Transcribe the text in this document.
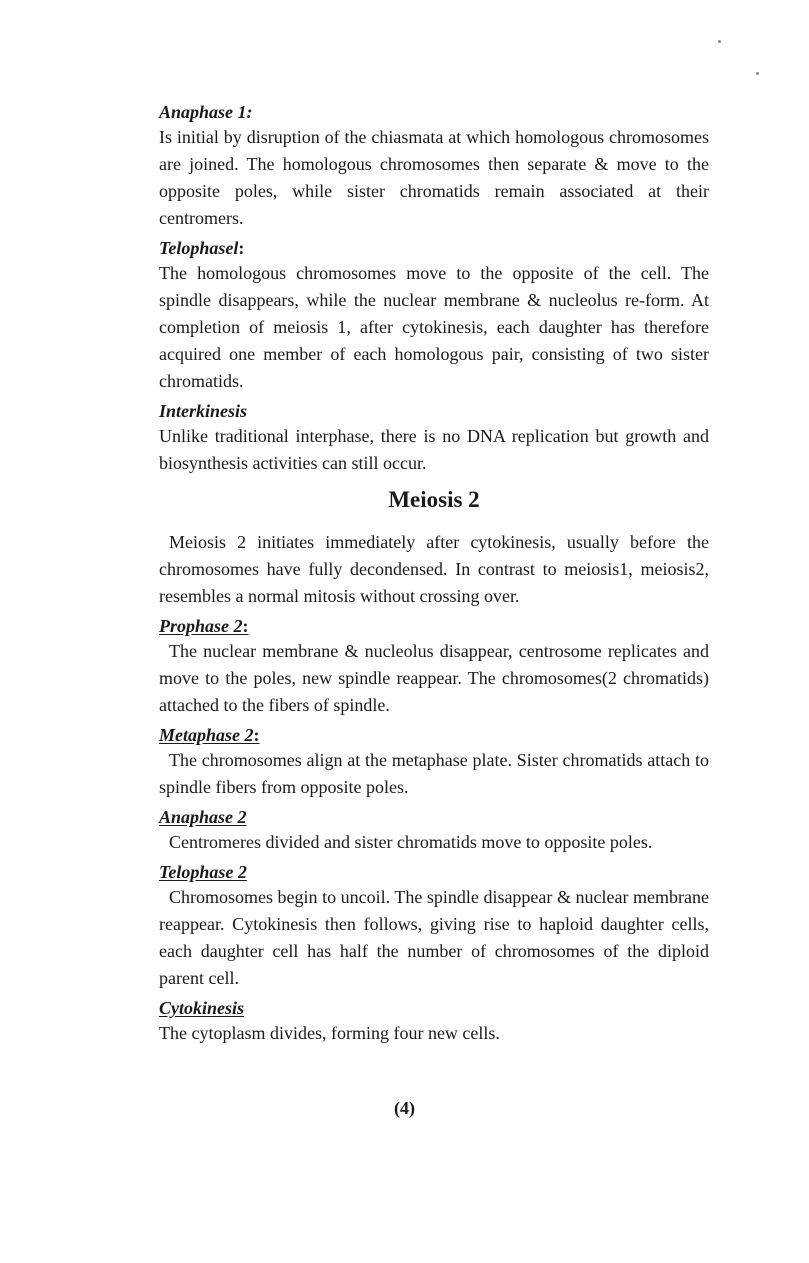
Anaphase 1:

Is initial by disruption of the chiasmata at which homologous chromosomes are joined. The homologous chromosomes then separate & move to the opposite poles, while sister chromatids remain associated at their centromers.

Telophasel:

The homologous chromosomes move to the opposite of the cell. The spindle disappears, while the nuclear membrane & nucleolus re-form. At completion of meiosis 1, after cytokinesis, each daughter has therefore acquired one member of each homologous pair, consisting of two sister chromatids.

Interkinesis

Unlike traditional interphase, there is no DNA replication but growth and biosynthesis activities can still occur.

Meiosis 2

Meiosis 2 initiates immediately after cytokinesis, usually before the chromosomes have fully decondensed. In contrast to meiosis1, meiosis2, resembles a normal mitosis without crossing over.

Prophase 2:

The nuclear membrane & nucleolus disappear, centrosome replicates and move to the poles, new spindle reappear. The chromosomes(2 chromatids) attached to the fibers of spindle.

Metaphase 2:

The chromosomes align at the metaphase plate. Sister chromatids attach to spindle fibers from opposite poles.

Anaphase 2

Centromeres divided and sister chromatids move to opposite poles.

Telophase 2

Chromosomes begin to uncoil. The spindle disappear & nuclear membrane reappear. Cytokinesis then follows, giving rise to haploid daughter cells, each daughter cell has half the number of chromosomes of the diploid parent cell.

Cytokinesis

The cytoplasm divides, forming four new cells.

(4)
